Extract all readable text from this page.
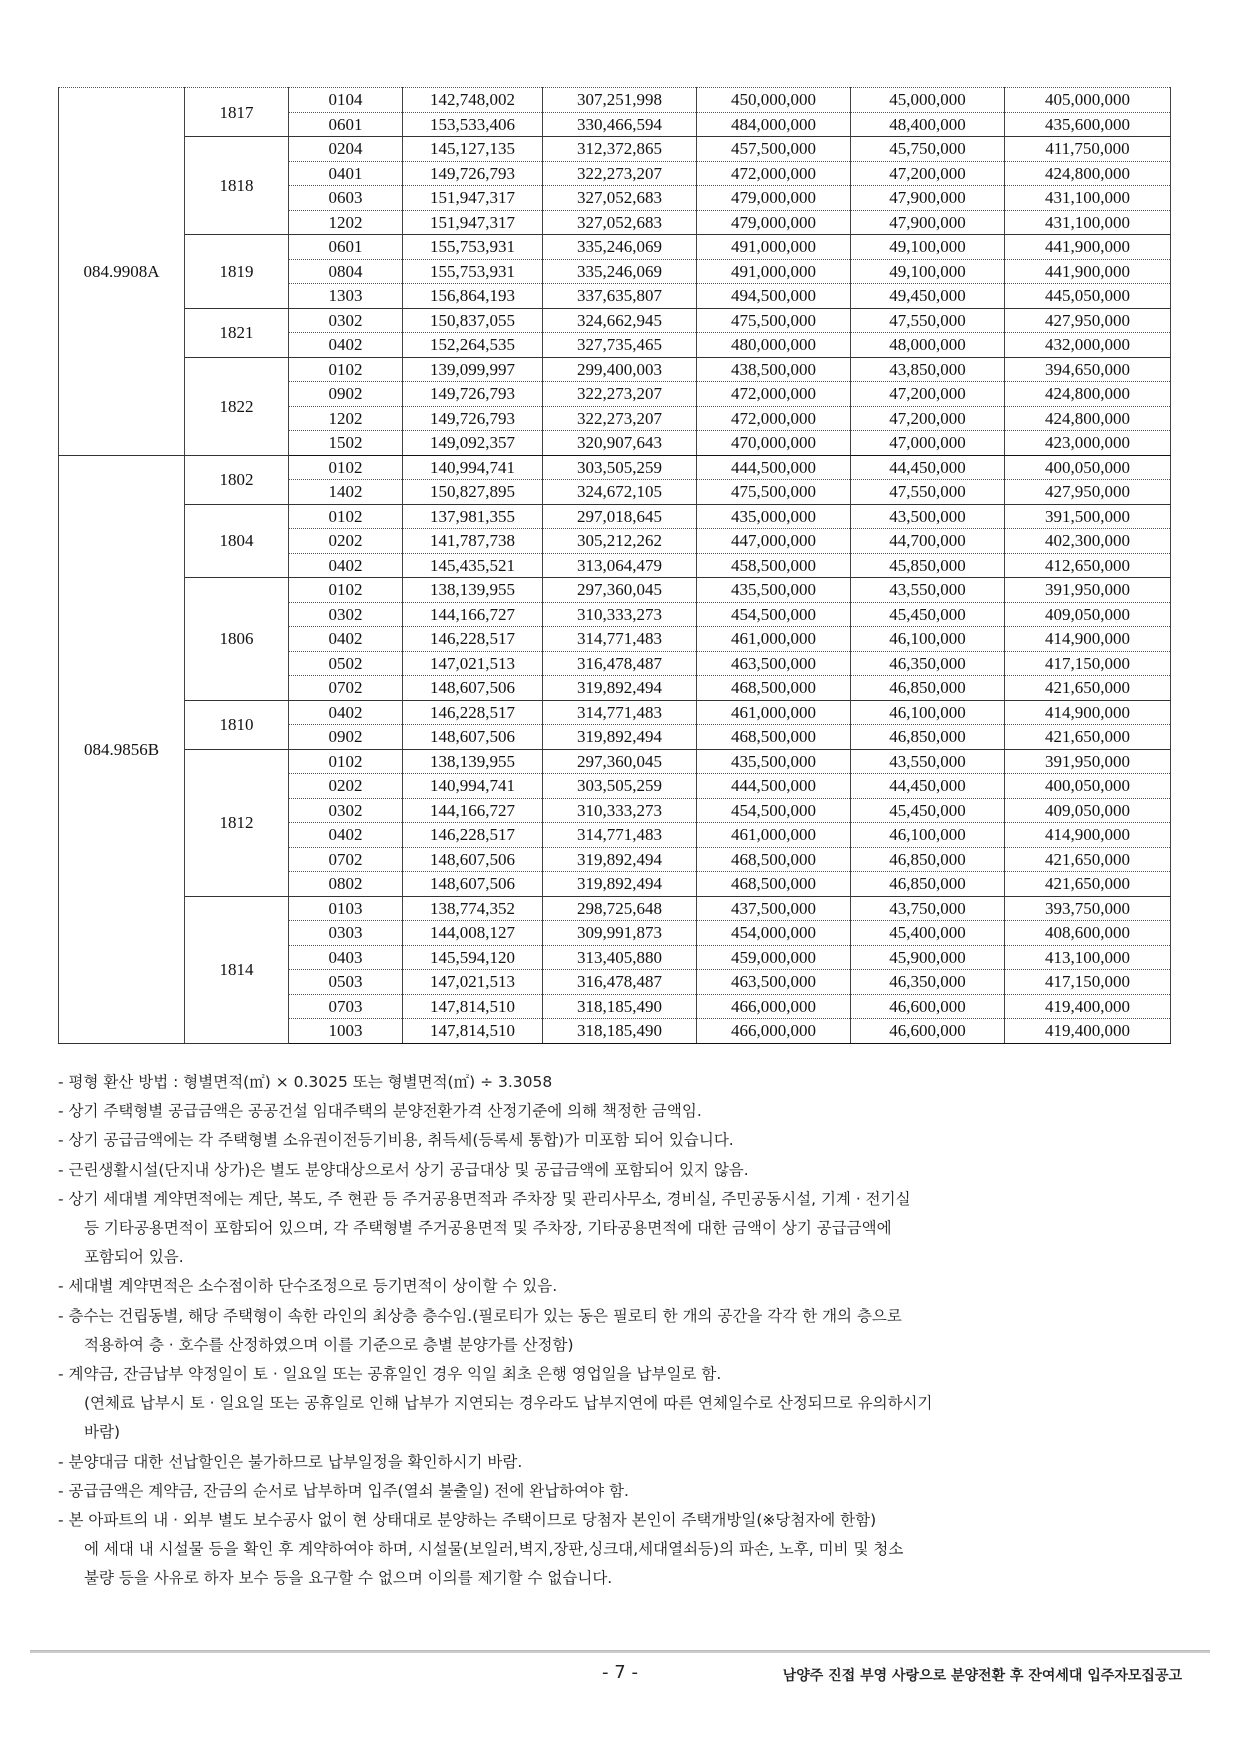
084.9908A	1817	0104	142,748,002	307,251,998	450,000,000	45,000,000	405,000,000
		0601	153,533,406	330,466,594	484,000,000	48,400,000	435,600,000
	1818	0204	145,127,135	312,372,865	457,500,000	45,750,000	411,750,000
		0401	149,726,793	322,273,207	472,000,000	47,200,000	424,800,000
		0603	151,947,317	327,052,683	479,000,000	47,900,000	431,100,000
		1202	151,947,317	327,052,683	479,000,000	47,900,000	431,100,000
	1819	0601	155,753,931	335,246,069	491,000,000	49,100,000	441,900,000
		0804	155,753,931	335,246,069	491,000,000	49,100,000	441,900,000
		1303	156,864,193	337,635,807	494,500,000	49,450,000	445,050,000
	1821	0302	150,837,055	324,662,945	475,500,000	47,550,000	427,950,000
		0402	152,264,535	327,735,465	480,000,000	48,000,000	432,000,000
	1822	0102	139,099,997	299,400,003	438,500,000	43,850,000	394,650,000
		0902	149,726,793	322,273,207	472,000,000	47,200,000	424,800,000
		1202	149,726,793	322,273,207	472,000,000	47,200,000	424,800,000
		1502	149,092,357	320,907,643	470,000,000	47,000,000	423,000,000
084.9856B	1802	0102	140,994,741	303,505,259	444,500,000	44,450,000	400,050,000
		1402	150,827,895	324,672,105	475,500,000	47,550,000	427,950,000
	1804	0102	137,981,355	297,018,645	435,000,000	43,500,000	391,500,000
		0202	141,787,738	305,212,262	447,000,000	44,700,000	402,300,000
		0402	145,435,521	313,064,479	458,500,000	45,850,000	412,650,000
	1806	0102	138,139,955	297,360,045	435,500,000	43,550,000	391,950,000
		0302	144,166,727	310,333,273	454,500,000	45,450,000	409,050,000
		0402	146,228,517	314,771,483	461,000,000	46,100,000	414,900,000
		0502	147,021,513	316,478,487	463,500,000	46,350,000	417,150,000
		0702	148,607,506	319,892,494	468,500,000	46,850,000	421,650,000
	1810	0402	146,228,517	314,771,483	461,000,000	46,100,000	414,900,000
		0902	148,607,506	319,892,494	468,500,000	46,850,000	421,650,000
	1812	0102	138,139,955	297,360,045	435,500,000	43,550,000	391,950,000
		0202	140,994,741	303,505,259	444,500,000	44,450,000	400,050,000
		0302	144,166,727	310,333,273	454,500,000	45,450,000	409,050,000
		0402	146,228,517	314,771,483	461,000,000	46,100,000	414,900,000
		0702	148,607,506	319,892,494	468,500,000	46,850,000	421,650,000
		0802	148,607,506	319,892,494	468,500,000	46,850,000	421,650,000
	1814	0103	138,774,352	298,725,648	437,500,000	43,750,000	393,750,000
		0303	144,008,127	309,991,873	454,000,000	45,400,000	408,600,000
		0403	145,594,120	313,405,880	459,000,000	45,900,000	413,100,000
		0503	147,021,513	316,478,487	463,500,000	46,350,000	417,150,000
		0703	147,814,510	318,185,490	466,000,000	46,600,000	419,400,000
		1003	147,814,510	318,185,490	466,000,000	46,600,000	419,400,000
- 평형 환산 방법 : 형별면적(㎡) × 0.3025 또는 형별면적(㎡) ÷ 3.3058
- 상기 주택형별 공급금액은 공공건설 임대주택의 분양전환가격 산정기준에 의해 책정한 금액임.
- 상기 공급금액에는 각 주택형별 소유권이전등기비용, 취득세(등록세 통합)가 미포함 되어 있습니다.
- 근린생활시설(단지내 상가)은 별도 분양대상으로서 상기 공급대상 및 공급금액에 포함되어 있지 않음.
- 상기 세대별 계약면적에는 계단, 복도, 주 현관 등 주거공용면적과 주차장 및 관리사무소, 경비실, 주민공동시설, 기계 · 전기실
등 기타공용면적이 포함되어 있으며, 각 주택형별 주거공용면적 및 주차장, 기타공용면적에 대한 금액이 상기 공급금액에
포함되어 있음.
- 세대별 계약면적은 소수점이하 단수조정으로 등기면적이 상이할 수 있음.
- 층수는 건립동별, 해당 주택형이 속한 라인의 최상층 층수임.(필로티가 있는 동은 필로티 한 개의 공간을 각각 한 개의 층으로
적용하여 층 · 호수를 산정하였으며 이를 기준으로 층별 분양가를 산정함)
- 계약금, 잔금납부 약정일이 토 · 일요일 또는 공휴일인 경우 익일 최초 은행 영업일을 납부일로 함.
(연체료 납부시 토 · 일요일 또는 공휴일로 인해 납부가 지연되는 경우라도 납부지연에 따른 연체일수로 산정되므로 유의하시기
바람)
- 분양대금 대한 선납할인은 불가하므로 납부일정을 확인하시기 바람.
- 공급금액은 계약금, 잔금의 순서로 납부하며 입주(열쇠 불출일) 전에 완납하여야 함.
- 본 아파트의 내 · 외부 별도 보수공사 없이 현 상태대로 분양하는 주택이므로 당첨자 본인이 주택개방일(※당첨자에 한함)
에 세대 내 시설물 등을 확인 후 계약하여야 하며, 시설물(보일러,벽지,장판,싱크대,세대열쇠등)의 파손, 노후, 미비 및 청소
불량 등을 사유로 하자 보수 등을 요구할 수 없으며 이의를 제기할 수 없습니다.
- 7 -	남양주 진접 부영 사랑으로 분양전환 후 잔여세대 입주자모집공고
